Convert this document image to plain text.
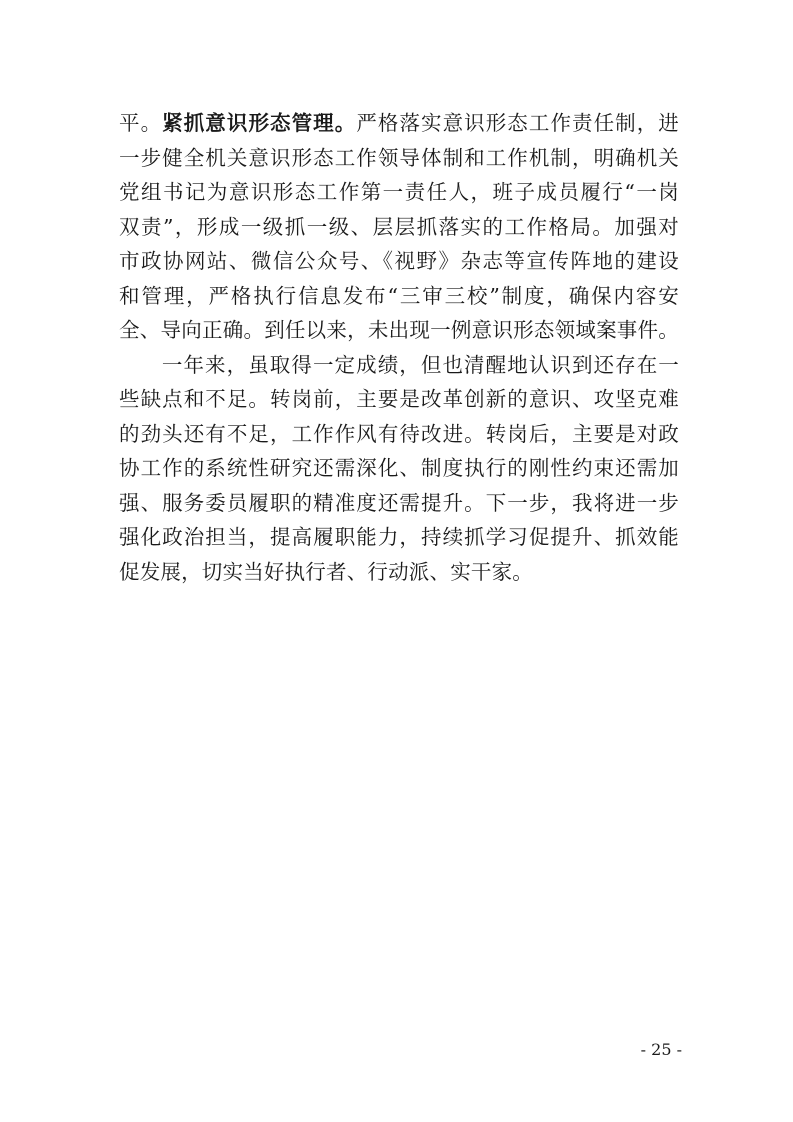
平。紧抓意识形态管理。严格落实意识形态工作责任制，进
一步健全机关意识形态工作领导体制和工作机制，明确机关
党组书记为意识形态工作第一责任人，班子成员履行“一岗
双责”，形成一级抓一级、层层抓落实的工作格局。加强对
市政协网站、微信公众号、《视野》杂志等宣传阵地的建设
和管理，严格执行信息发布“三审三校”制度，确保内容安
全、导向正确。到任以来，未出现一例意识形态领域案事件。
一年来，虽取得一定成绩，但也清醒地认识到还存在一
些缺点和不足。转岗前，主要是改革创新的意识、攻坚克难
的劲头还有不足，工作作风有待改进。转岗后，主要是对政
协工作的系统性研究还需深化、制度执行的刚性约束还需加
强、服务委员履职的精准度还需提升。下一步，我将进一步
强化政治担当，提高履职能力，持续抓学习促提升、抓效能
促发展，切实当好执行者、行动派、实干家。
- 25 -
